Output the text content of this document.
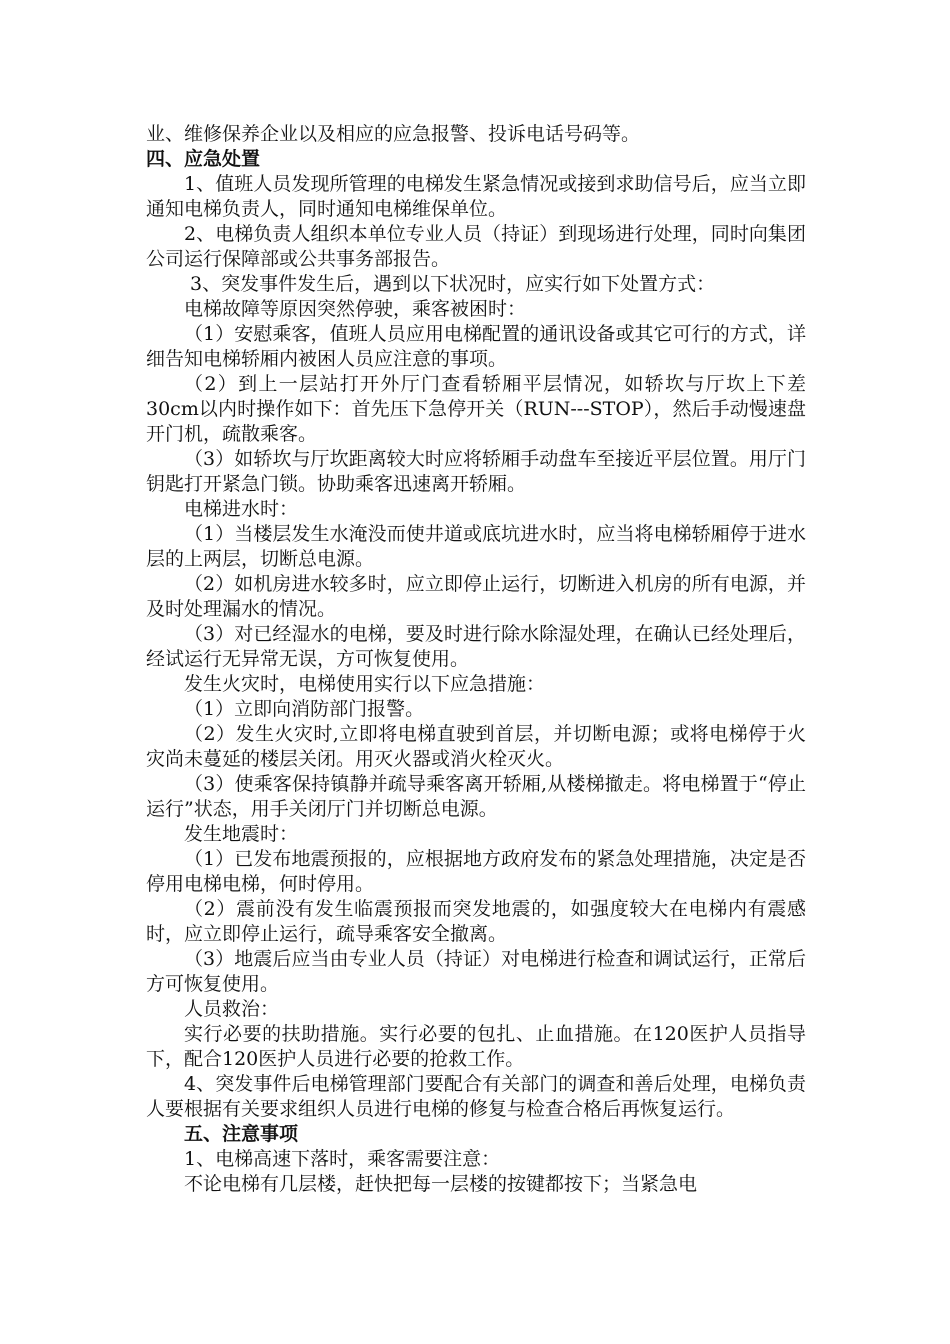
业、维修保养企业以及相应的应急报警、投诉电话号码等。

四、应急处置

1、值班人员发现所管理的电梯发生紧急情况或接到求助信号后，应当立即通知电梯负责人，同时通知电梯维保单位。

2、电梯负责人组织本单位专业人员（持证）到现场进行处理，同时向集团公司运行保障部或公共事务部报告。

3、突发事件发生后，遇到以下状况时，应实行如下处置方式：

电梯故障等原因突然停驶，乘客被困时：

（1）安慰乘客，值班人员应用电梯配置的通讯设备或其它可行的方式，详细告知电梯轿厢内被困人员应注意的事项。

（2）到上一层站打开外厅门查看轿厢平层情况，如轿坎与厅坎上下差30cm以内时操作如下：首先压下急停开关（RUN---STOP），然后手动慢速盘开门机，疏散乘客。

（3）如轿坎与厅坎距离较大时应将轿厢手动盘车至接近平层位置。用厅门钥匙打开紧急门锁。协助乘客迅速离开轿厢。

电梯进水时：

（1）当楼层发生水淹没而使井道或底坑进水时，应当将电梯轿厢停于进水层的上两层，切断总电源。

（2）如机房进水较多时，应立即停止运行，切断进入机房的所有电源，并及时处理漏水的情况。

（3）对已经湿水的电梯，要及时进行除水除湿处理，在确认已经处理后，经试运行无异常无误，方可恢复使用。

发生火灾时，电梯使用实行以下应急措施：

（1）立即向消防部门报警。

（2）发生火灾时,立即将电梯直驶到首层，并切断电源；或将电梯停于火灾尚未蔓延的楼层关闭。用灭火器或消火栓灭火。

（3）使乘客保持镇静并疏导乘客离开轿厢,从楼梯撤走。将电梯置于“停止运行”状态，用手关闭厅门并切断总电源。

发生地震时：

（1）已发布地震预报的，应根据地方政府发布的紧急处理措施，决定是否停用电梯电梯，何时停用。

（2）震前没有发生临震预报而突发地震的，如强度较大在电梯内有震感时，应立即停止运行，疏导乘客安全撤离。

（3）地震后应当由专业人员（持证）对电梯进行检查和调试运行，正常后方可恢复使用。

人员救治：

实行必要的扶助措施。实行必要的包扎、止血措施。在120医护人员指导下，配合120医护人员进行必要的抢救工作。

4、突发事件后电梯管理部门要配合有关部门的调查和善后处理，电梯负责人要根据有关要求组织人员进行电梯的修复与检查合格后再恢复运行。

五、注意事项

1、电梯高速下落时，乘客需要注意：

不论电梯有几层楼，赶快把每一层楼的按键都按下；当紧急电
